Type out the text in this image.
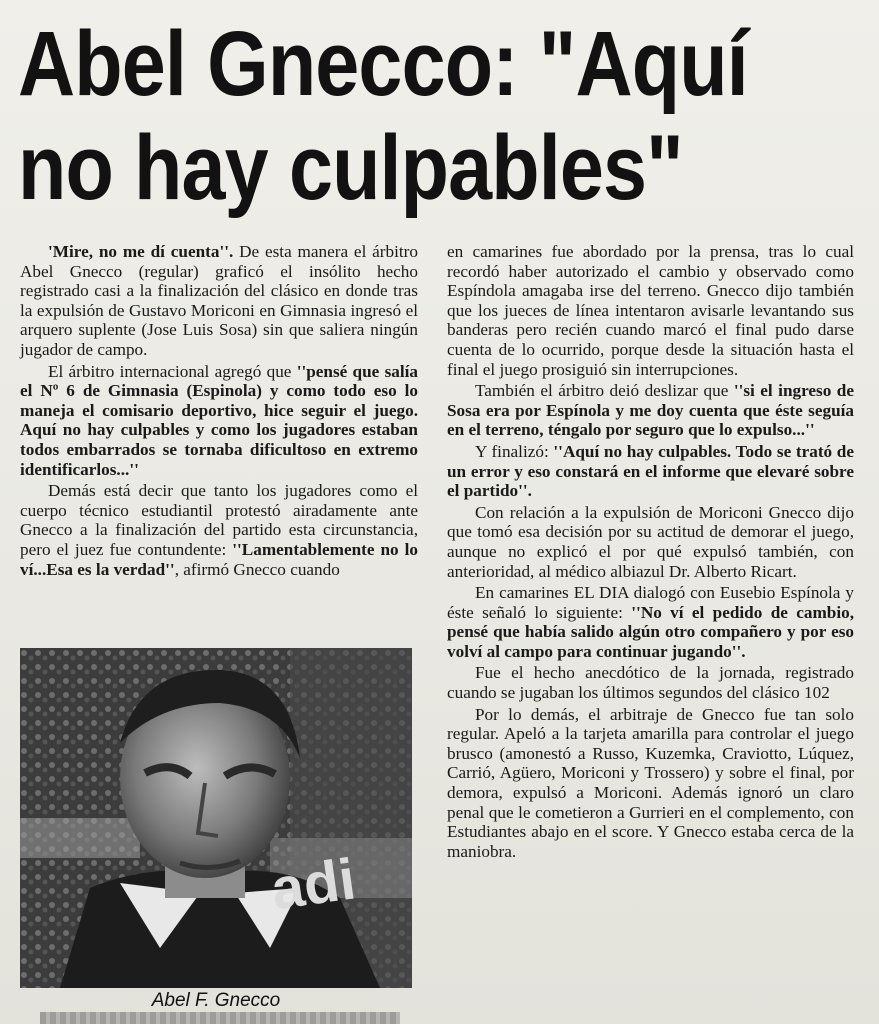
Abel Gnecco: "Aquí
no hay culpables"

'Mire, no me dí cuenta''. De esta manera el árbitro Abel Gnecco (regular) graficó el insólito hecho registrado casi a la finalización del clásico en donde tras la expulsión de Gustavo Moriconi en Gimnasia ingresó el arquero suplente (Jose Luis Sosa) sin que saliera ningún jugador de campo.

El árbitro internacional agregó que ''pensé que salía el Nº 6 de Gimnasia (Espinola) y como todo eso lo maneja el comisario deportivo, hice seguir el juego. Aquí no hay culpables y como los jugadores estaban todos embarrados se tornaba dificultoso en extremo identificarlos...''

Demás está decir que tanto los jugadores como el cuerpo técnico estudiantil protestó airadamente ante Gnecco a la finalización del partido esta circunstancia, pero el juez fue contundente: ''Lamentablemente no lo ví...Esa es la verdad'', afirmó Gnecco cuando

adi
Abel F. Gnecco

en camarines fue abordado por la prensa, tras lo cual recordó haber autorizado el cambio y observado como Espíndola amagaba irse del terreno. Gnecco dijo también que los jueces de línea intentaron avisarle levantando sus banderas pero recién cuando marcó el final pudo darse cuenta de lo ocurrido, porque desde la situación hasta el final el juego prosiguió sin interrupciones.

También el árbitro deió deslizar que ''si el ingreso de Sosa era por Espínola y me doy cuenta que éste seguía en el terreno, téngalo por seguro que lo expulso...''

Y finalizó: ''Aquí no hay culpables. Todo se trató de un error y eso constará en el informe que elevaré sobre el partido''.

Con relación a la expulsión de Moriconi Gnecco dijo que tomó esa decisión por su actitud de demorar el juego, aunque no explicó el por qué expulsó también, con anterioridad, al médico albiazul Dr. Alberto Ricart.

En camarines EL DIA dialogó con Eusebio Espínola y éste señaló lo siguiente: ''No ví el pedido de cambio, pensé que había salido algún otro compañero y por eso volví al campo para continuar jugando''.

Fue el hecho anecdótico de la jornada, registrado cuando se jugaban los últimos segundos del clásico 102

Por lo demás, el arbitraje de Gnecco fue tan solo regular. Apeló a la tarjeta amarilla para controlar el juego brusco (amonestó a Russo, Kuzemka, Craviotto, Lúquez, Carrió, Agüero, Moriconi y Trossero) y sobre el final, por demora, expulsó a Moriconi. Además ignoró un claro penal que le cometieron a Gurrieri en el complemento, con Estudiantes abajo en el score. Y Gnecco estaba cerca de la maniobra.
